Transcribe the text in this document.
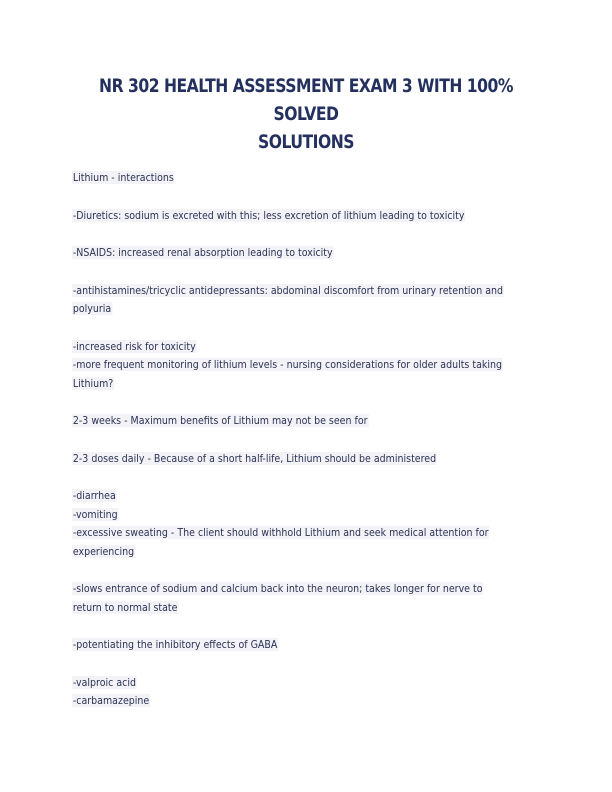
NR 302 HEALTH ASSESSMENT EXAM 3 WITH 100% SOLVED
SOLUTIONS

Lithium - interactions

-Diuretics: sodium is excreted with this; less excretion of lithium leading to toxicity

-NSAIDS: increased renal absorption leading to toxicity

-antihistamines/tricyclic antidepressants: abdominal discomfort from urinary retention and
polyuria

-increased risk for toxicity
-more frequent monitoring of lithium levels - nursing considerations for older adults taking
Lithium?

2-3 weeks - Maximum benefits of Lithium may not be seen for

2-3 doses daily - Because of a short half-life, Lithium should be administered

-diarrhea
-vomiting
-excessive sweating - The client should withhold Lithium and seek medical attention for
experiencing

-slows entrance of sodium and calcium back into the neuron; takes longer for nerve to
return to normal state

-potentiating the inhibitory effects of GABA

-valproic acid
-carbamazepine
